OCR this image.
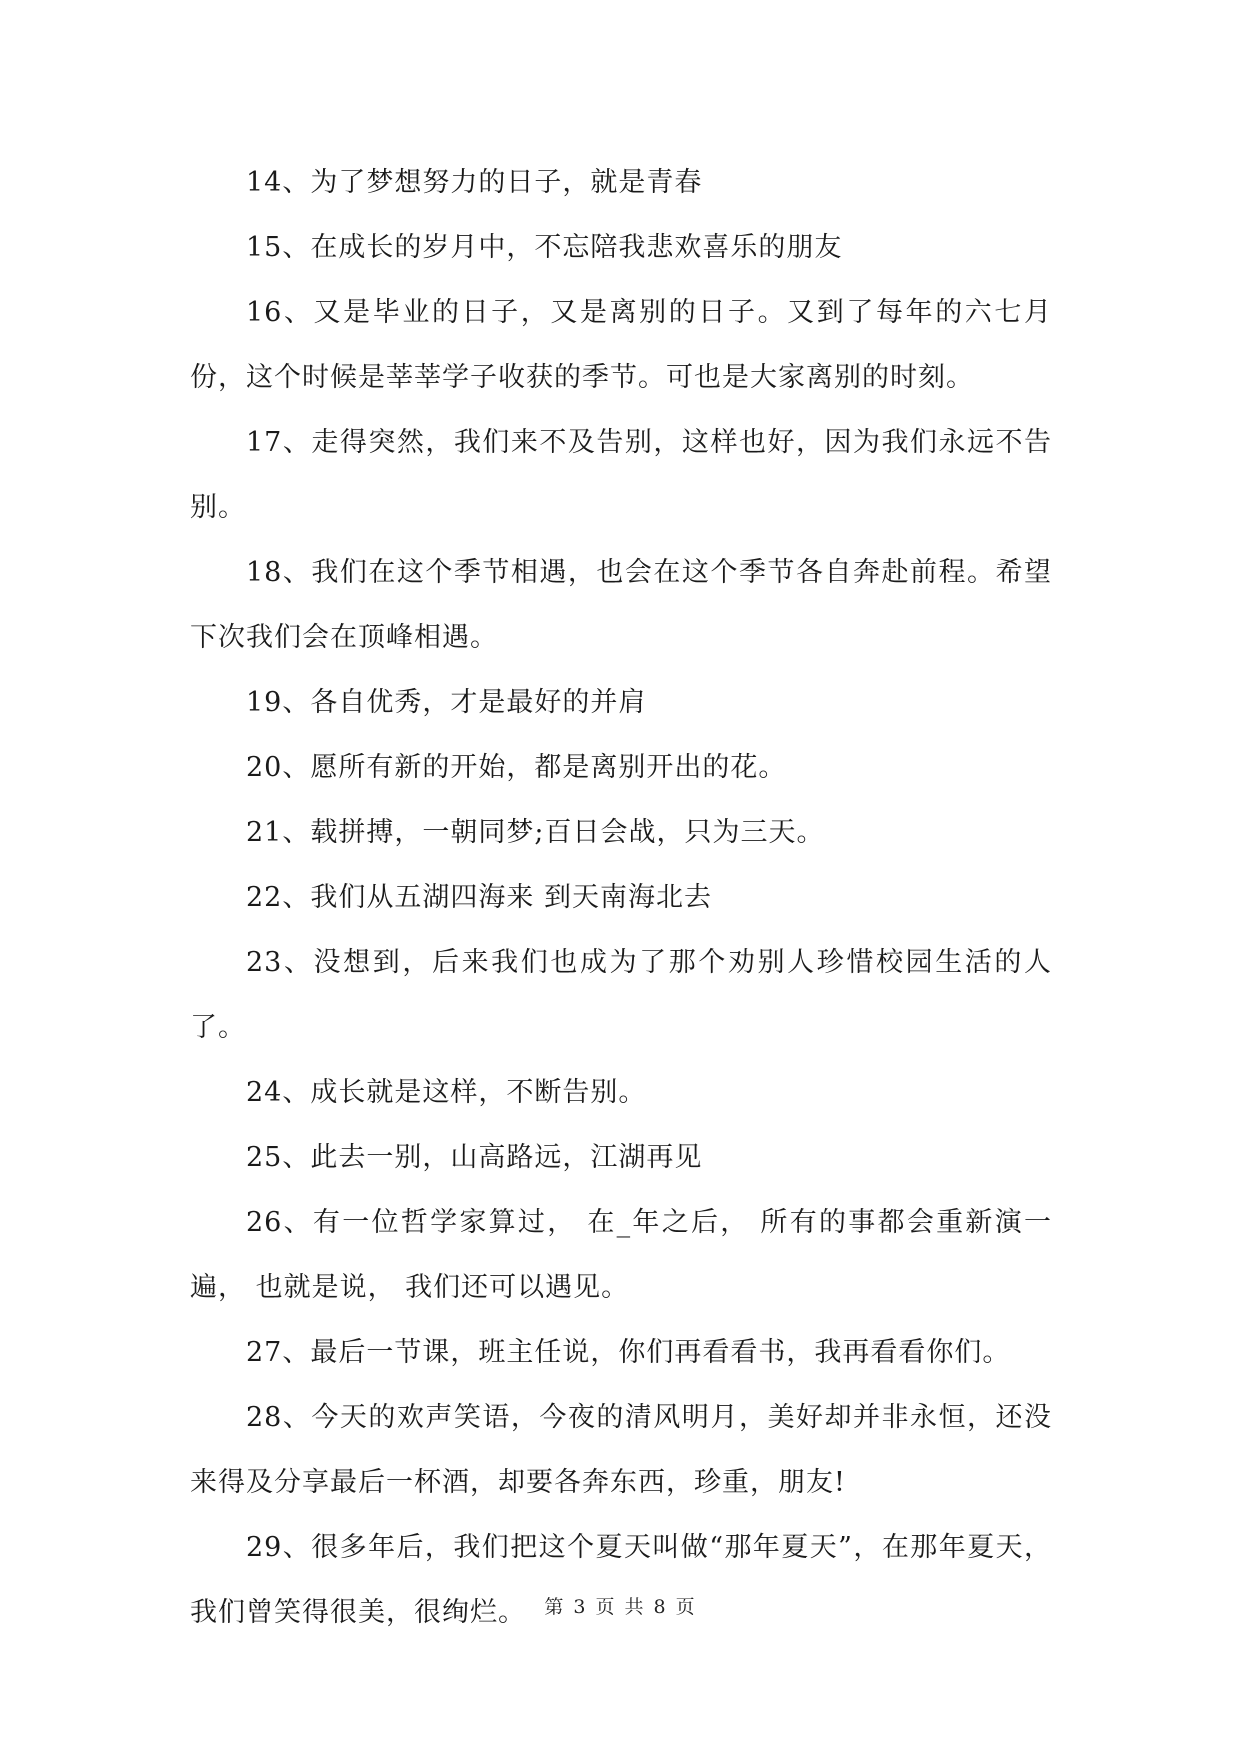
14、为了梦想努力的日子，就是青春

15、在成长的岁月中，不忘陪我悲欢喜乐的朋友

16、又是毕业的日子，又是离别的日子。又到了每年的六七月份，这个时候是莘莘学子收获的季节。可也是大家离别的时刻。

17、走得突然，我们来不及告别，这样也好，因为我们永远不告别。

18、我们在这个季节相遇，也会在这个季节各自奔赴前程。希望下次我们会在顶峰相遇。

19、各自优秀，才是最好的并肩

20、愿所有新的开始，都是离别开出的花。

21、载拼搏，一朝同梦;百日会战，只为三天。

22、我们从五湖四海来 到天南海北去

23、没想到，后来我们也成为了那个劝别人珍惜校园生活的人了。

24、成长就是这样，不断告别。

25、此去一别，山高路远，江湖再见

26、有一位哲学家算过， 在_年之后， 所有的事都会重新演一遍， 也就是说， 我们还可以遇见。

27、最后一节课，班主任说，你们再看看书，我再看看你们。

28、今天的欢声笑语，今夜的清风明月，美好却并非永恒，还没来得及分享最后一杯酒，却要各奔东西，珍重，朋友!

29、很多年后，我们把这个夏天叫做“那年夏天”，在那年夏天，我们曾笑得很美，很绚烂。 第 3 页 共 8 页
